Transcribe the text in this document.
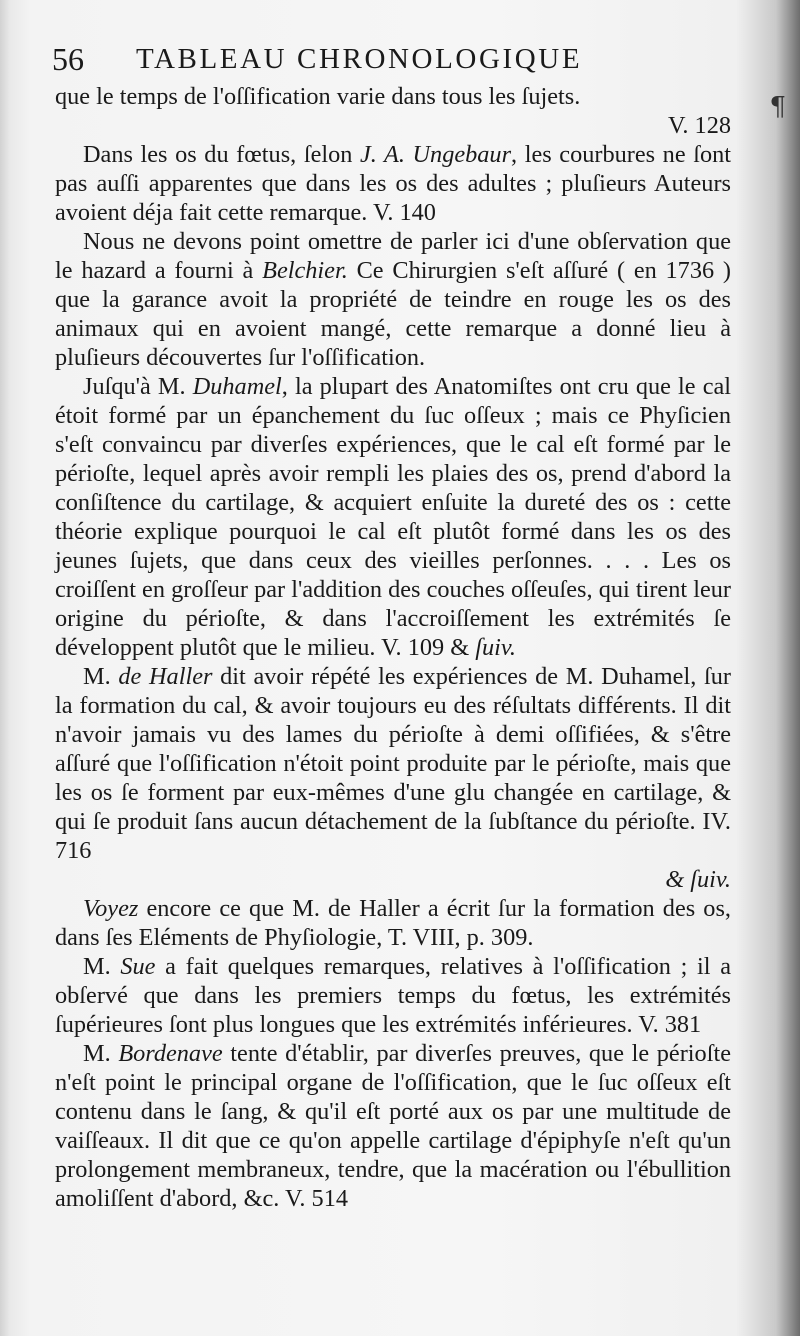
56 TABLEAU CHRONOLOGIQUE
¶

que le temps de l'oſſification varie dans tous les ſujets.

V. 128

Dans les os du fœtus, ſelon J. A. Ungebaur, les courbures ne ſont pas auſſi apparentes que dans les os des adultes ; pluſieurs Auteurs avoient déja fait cette remarque. V. 140

Nous ne devons point omettre de parler ici d'une obſervation que le hazard a fourni à Belchier. Ce Chirurgien s'eſt aſſuré ( en 1736 ) que la garance avoit la propriété de teindre en rouge les os des animaux qui en avoient mangé, cette remarque a donné lieu à pluſieurs découvertes ſur l'oſſification.

Juſqu'à M. Duhamel, la plupart des Anatomiſtes ont cru que le cal étoit formé par un épanchement du ſuc oſſeux ; mais ce Phyſicien s'eſt convaincu par diverſes expériences, que le cal eſt formé par le périoſte, lequel après avoir rempli les plaies des os, prend d'abord la conſiſtence du cartilage, & acquiert enſuite la dureté des os : cette théorie explique pourquoi le cal eſt plutôt formé dans les os des jeunes ſujets, que dans ceux des vieilles perſonnes. . . . Les os croiſſent en groſſeur par l'addition des couches oſſeuſes, qui tirent leur origine du périoſte, & dans l'accroiſſement les extrémités ſe développent plutôt que le milieu. V. 109 & ſuiv.

M. de Haller dit avoir répété les expériences de M. Duhamel, ſur la formation du cal, & avoir toujours eu des réſultats différents. Il dit n'avoir jamais vu des lames du périoſte à demi oſſifiées, & s'être aſſuré que l'oſſification n'étoit point produite par le périoſte, mais que les os ſe forment par eux-mêmes d'une glu changée en cartilage, & qui ſe produit ſans aucun détachement de la ſubſtance du périoſte. IV. 716

& ſuiv.

Voyez encore ce que M. de Haller a écrit ſur la formation des os, dans ſes Eléments de Phyſiologie, T. VIII, p. 309.

M. Sue a fait quelques remarques, relatives à l'oſſification ; il a obſervé que dans les premiers temps du fœtus, les extrémités ſupérieures ſont plus longues que les extrémités inférieures. V. 381

M. Bordenave tente d'établir, par diverſes preuves, que le périoſte n'eſt point le principal organe de l'oſſification, que le ſuc oſſeux eſt contenu dans le ſang, & qu'il eſt porté aux os par une multitude de vaiſſeaux. Il dit que ce qu'on appelle cartilage d'épiphyſe n'eſt qu'un prolongement membraneux, tendre, que la macération ou l'ébullition amoliſſent d'abord, &c. V. 514
